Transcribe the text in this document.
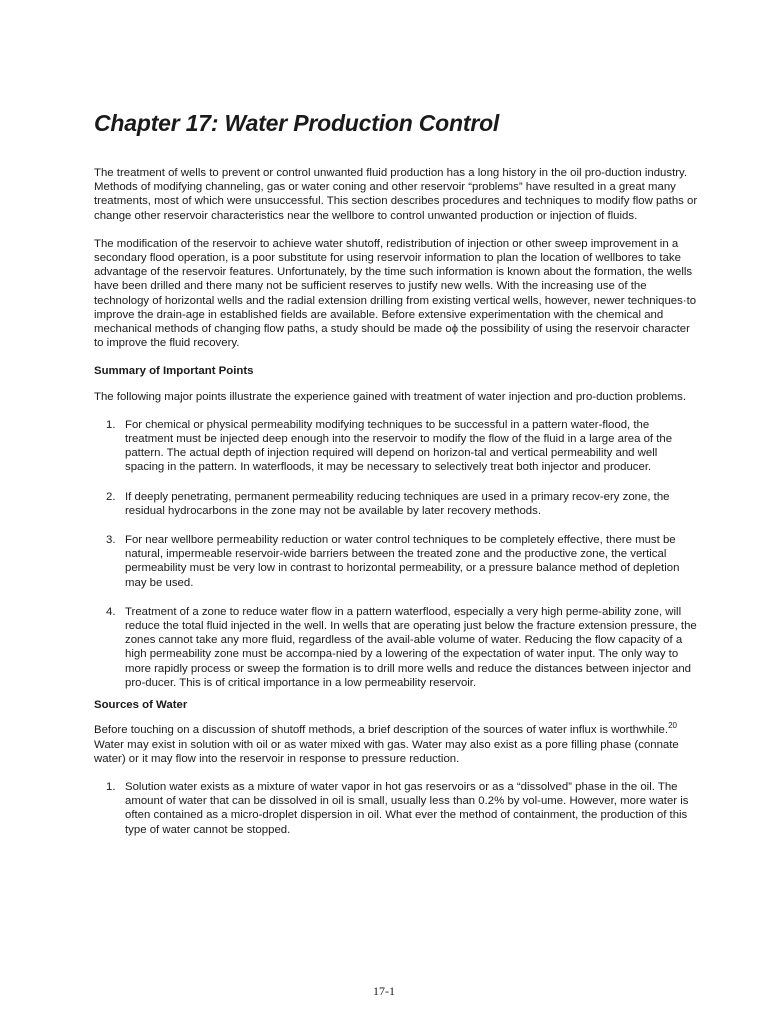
Chapter 17: Water Production Control

The treatment of wells to prevent or control unwanted fluid production has a long history in the oil pro-duction industry. Methods of modifying channeling, gas or water coning and other reservoir “problems” have resulted in a great many treatments, most of which were unsuccessful. This section describes procedures and techniques to modify flow paths or change other reservoir characteristics near the wellbore to control unwanted production or injection of fluids.

The modification of the reservoir to achieve water shutoff, redistribution of injection or other sweep improvement in a secondary flood operation, is a poor substitute for using reservoir information to plan the location of wellbores to take advantage of the reservoir features. Unfortunately, by the time such information is known about the formation, the wells have been drilled and there many not be sufficient reserves to justify new wells. With the increasing use of the technology of horizontal wells and the radial extension drilling from existing vertical wells, however, newer techniques·to improve the drain-age in established fields are available. Before extensive experimentation with the chemical and mechanical methods of changing flow paths, a study should be made oϕ the possibility of using the reservoir character to improve the fluid recovery.

Summary of Important Points

The following major points illustrate the experience gained with treatment of water injection and pro-duction problems.

1. For chemical or physical permeability modifying techniques to be successful in a pattern water-flood, the treatment must be injected deep enough into the reservoir to modify the flow of the fluid in a large area of the pattern. The actual depth of injection required will depend on horizon-tal and vertical permeability and well spacing in the pattern. In waterfloods, it may be necessary to selectively treat both injector and producer.
2. If deeply penetrating, permanent permeability reducing techniques are used in a primary recov-ery zone, the residual hydrocarbons in the zone may not be available by later recovery methods.
3. For near wellbore permeability reduction or water control techniques to be completely effective, there must be natural, impermeable reservoir-wide barriers between the treated zone and the productive zone, the vertical permeability must be very low in contrast to horizontal permeability, or a pressure balance method of depletion may be used.
4. Treatment of a zone to reduce water flow in a pattern waterflood, especially a very high perme-ability zone, will reduce the total fluid injected in the well. In wells that are operating just below the fracture extension pressure, the zones cannot take any more fluid, regardless of the avail-able volume of water. Reducing the flow capacity of a high permeability zone must be accompa-nied by a lowering of the expectation of water input. The only way to more rapidly process or sweep the formation is to drill more wells and reduce the distances between injector and pro-ducer. This is of critical importance in a low permeability reservoir.

Sources of Water

Before touching on a discussion of shutoff methods, a brief description of the sources of water influx is worthwhile.$^{20}$ Water may exist in solution with oil or as water mixed with gas. Water may also exist as a pore filling phase (connate water) or it may flow into the reservoir in response to pressure reduction.

1. Solution water exists as a mixture of water vapor in hot gas reservoirs or as a “dissolved” phase in the oil. The amount of water that can be dissolved in oil is small, usually less than 0.2% by vol-ume. However, more water is often contained as a micro-droplet dispersion in oil. What ever the method of containment, the production of this type of water cannot be stopped.
17-1
